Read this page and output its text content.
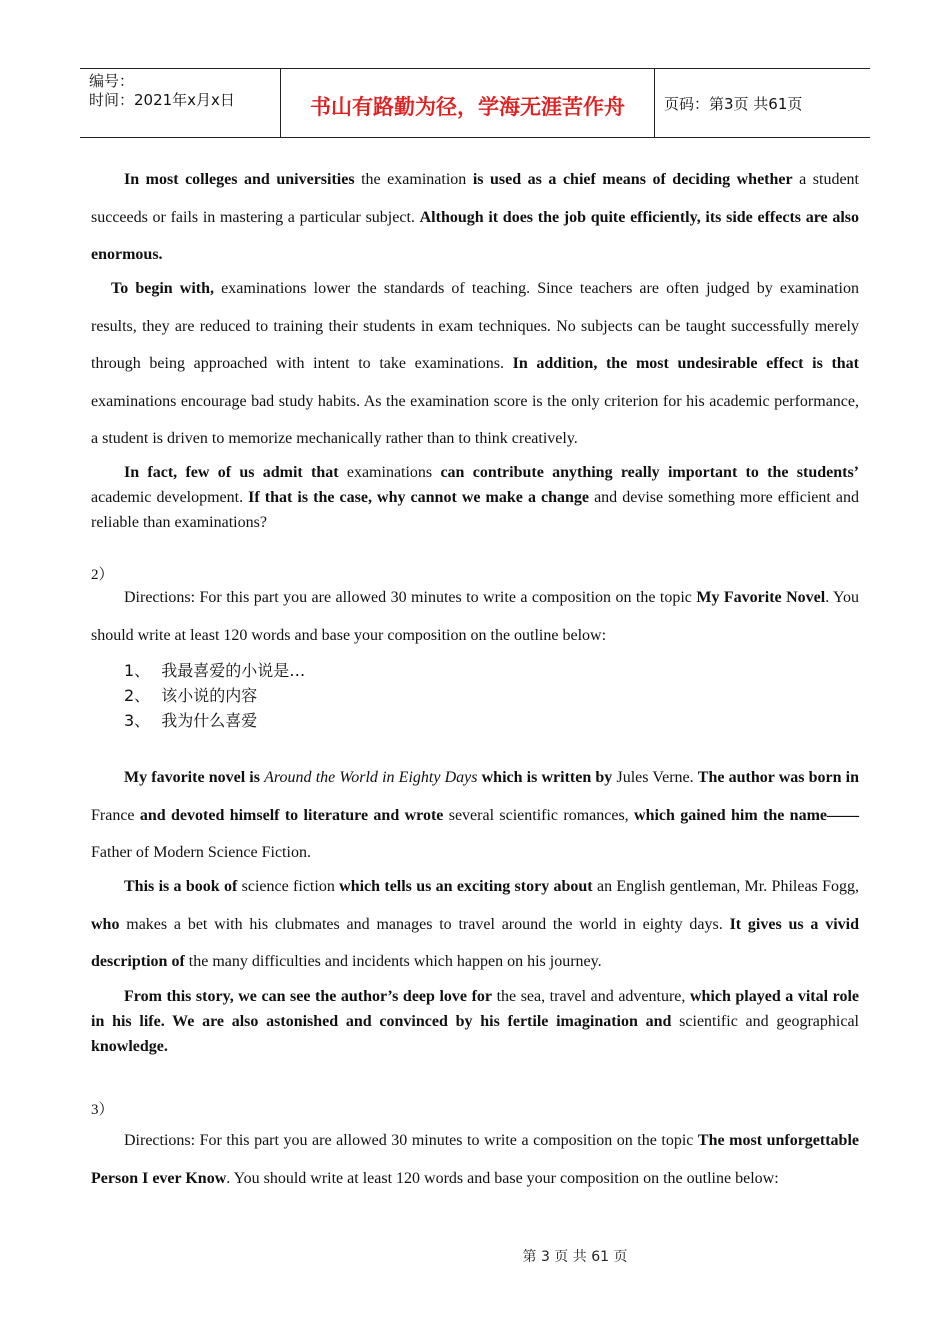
编号：
时间：2021年x月x日	书山有路勤为径，学海无涯苦作舟	页码：第3页 共61页
In most colleges and universities the examination is used as a chief means of deciding whether a student succeeds or fails in mastering a particular subject. Although it does the job quite efficiently, its side effects are also enormous.
To begin with, examinations lower the standards of teaching. Since teachers are often judged by examination results, they are reduced to training their students in exam techniques. No subjects can be taught successfully merely through being approached with intent to take examinations. In addition, the most undesirable effect is that examinations encourage bad study habits. As the examination score is the only criterion for his academic performance, a student is driven to memorize mechanically rather than to think creatively.
In fact, few of us admit that examinations can contribute anything really important to the students’ academic development. If that is the case, why cannot we make a change and devise something more efficient and reliable than examinations?
2）
Directions: For this part you are allowed 30 minutes to write a composition on the topic My Favorite Novel. You should write at least 120 words and base your composition on the outline below:
1、 我最喜爱的小说是…
2、 该小说的内容
3、 我为什么喜爱
My favorite novel is Around the World in Eighty Days which is written by Jules Verne. The author was born in France and devoted himself to literature and wrote several scientific romances, which gained him the name——Father of Modern Science Fiction.
This is a book of science fiction which tells us an exciting story about an English gentleman, Mr. Phileas Fogg, who makes a bet with his clubmates and manages to travel around the world in eighty days. It gives us a vivid description of the many difficulties and incidents which happen on his journey.
From this story, we can see the author’s deep love for the sea, travel and adventure, which played a vital role in his life. We are also astonished and convinced by his fertile imagination and scientific and geographical knowledge.
3）
Directions: For this part you are allowed 30 minutes to write a composition on the topic The most unforgettable Person I ever Know. You should write at least 120 words and base your composition on the outline below:
第 3 页 共 61 页
